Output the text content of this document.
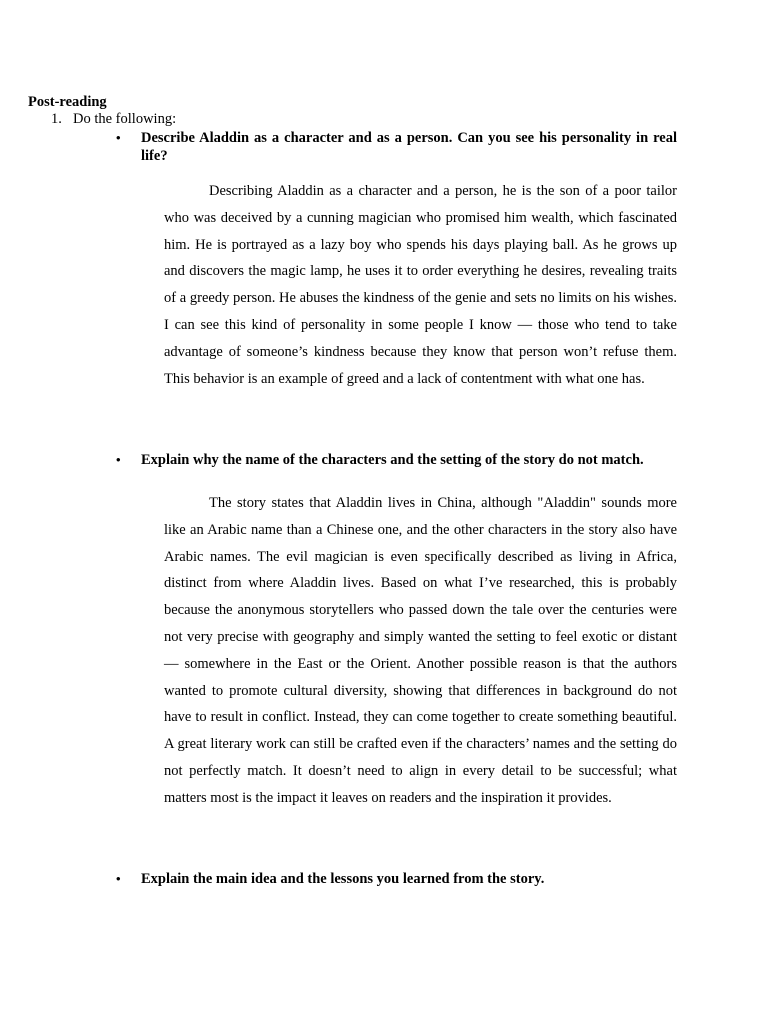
Post-reading
1. Do the following:
•	Describe Aladdin as a character and as a person. Can you see his personality in real life?
Describing Aladdin as a character and a person, he is the son of a poor tailor who was deceived by a cunning magician who promised him wealth, which fascinated him. He is portrayed as a lazy boy who spends his days playing ball. As he grows up and discovers the magic lamp, he uses it to order everything he desires, revealing traits of a greedy person. He abuses the kindness of the genie and sets no limits on his wishes. I can see this kind of personality in some people I know — those who tend to take advantage of someone’s kindness because they know that person won’t refuse them. This behavior is an example of greed and a lack of contentment with what one has.
•	Explain why the name of the characters and the setting of the story do not match.
The story states that Aladdin lives in China, although "Aladdin" sounds more like an Arabic name than a Chinese one, and the other characters in the story also have Arabic names. The evil magician is even specifically described as living in Africa, distinct from where Aladdin lives. Based on what I’ve researched, this is probably because the anonymous storytellers who passed down the tale over the centuries were not very precise with geography and simply wanted the setting to feel exotic or distant — somewhere in the East or the Orient. Another possible reason is that the authors wanted to promote cultural diversity, showing that differences in background do not have to result in conflict. Instead, they can come together to create something beautiful. A great literary work can still be crafted even if the characters’ names and the setting do not perfectly match. It doesn’t need to align in every detail to be successful; what matters most is the impact it leaves on readers and the inspiration it provides.
•	Explain the main idea and the lessons you learned from the story.
